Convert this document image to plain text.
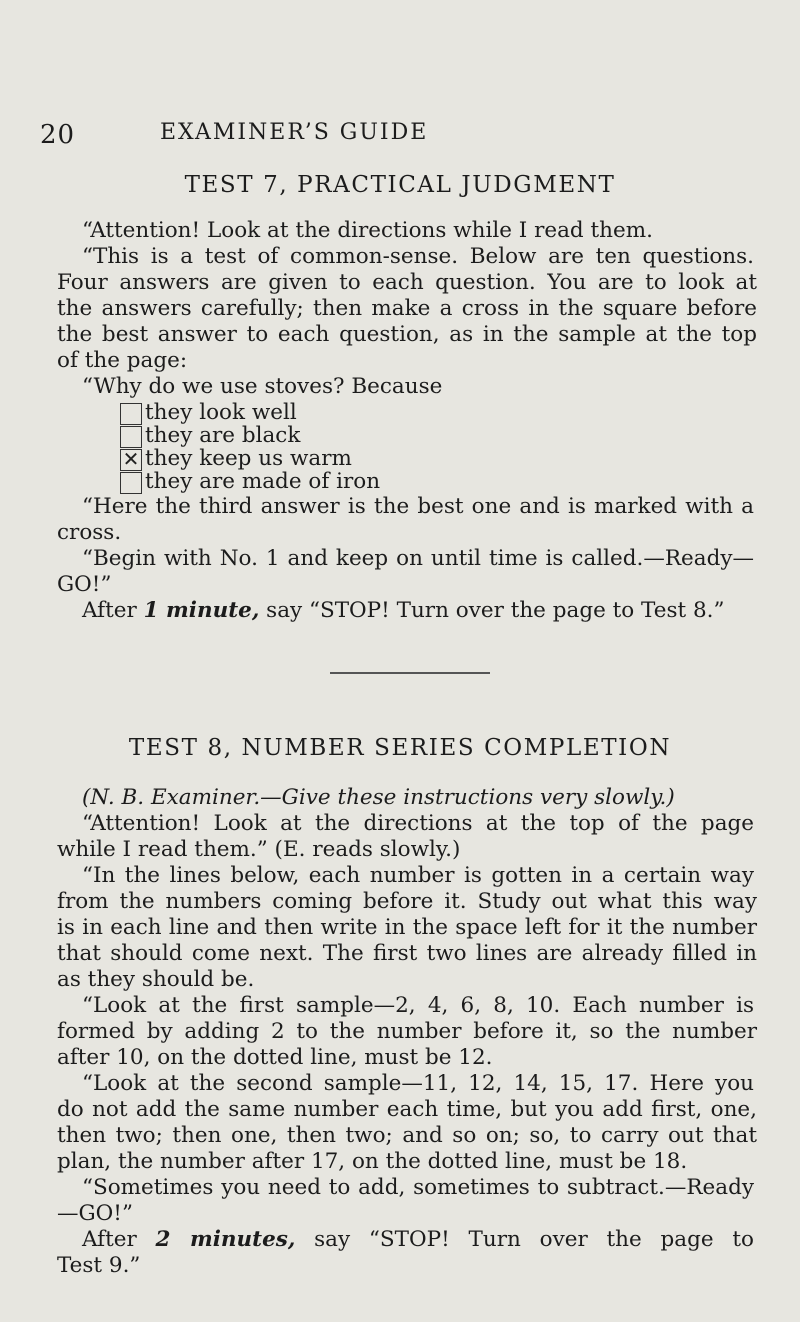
20	EXAMINER’S GUIDE
TEST 7, PRACTICAL JUDGMENT
“Attention! Look at the directions while I read them.
“This is a test of common-sense. Below are ten questions.
Four answers are given to each question. You are to look at
the answers carefully; then make a cross in the square before
the best answer to each question, as in the sample at the top
of the page:
“Why do we use stoves? Because
they look well
they are black
✕ they keep us warm
they are made of iron
“Here the third answer is the best one and is marked with a
cross.
“Begin with No. 1 and keep on until time is called.—Ready—
GO!”
After 1 minute, say “STOP! Turn over the page to Test 8.”
TEST 8, NUMBER SERIES COMPLETION
(N. B. Examiner.—Give these instructions very slowly.)
“Attention! Look at the directions at the top of the page
while I read them.” (E. reads slowly.)
“In the lines below, each number is gotten in a certain way
from the numbers coming before it. Study out what this way
is in each line and then write in the space left for it the number
that should come next. The first two lines are already filled in
as they should be.
“Look at the first sample—2, 4, 6, 8, 10. Each number is
formed by adding 2 to the number before it, so the number
after 10, on the dotted line, must be 12.
“Look at the second sample—11, 12, 14, 15, 17. Here you
do not add the same number each time, but you add first, one,
then two; then one, then two; and so on; so, to carry out that
plan, the number after 17, on the dotted line, must be 18.
“Sometimes you need to add, sometimes to subtract.—Ready
—GO!”
After 2 minutes, say “STOP! Turn over the page to
Test 9.”
